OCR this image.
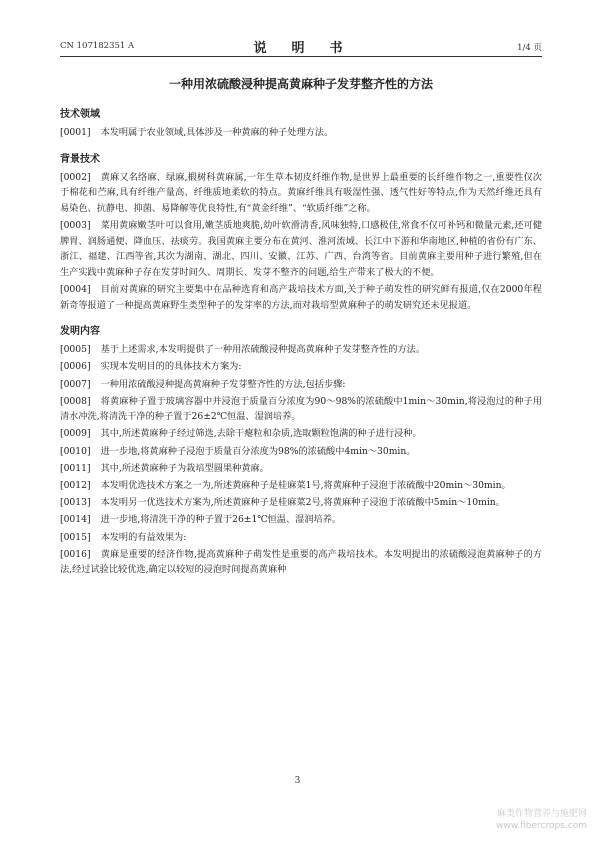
CN 107182351 A	说　明　书	1/4 页
一种用浓硫酸浸种提高黄麻种子发芽整齐性的方法
技术领域
[0001] 本发明属于农业领域,具体涉及一种黄麻的种子处理方法。
背景技术
[0002] 黄麻又名络麻、绿麻,椴树科黄麻属,一年生草本韧皮纤维作物,是世界上最重要的长纤维作物之一,重要性仅次于棉花和苎麻,具有纤维产量高、纤维质地柔软的特点。黄麻纤维具有吸湿性强、透气性好等特点,作为天然纤维还具有易染色、抗静电、抑菌、易降解等优良特性,有“黄金纤维”、“软质纤维”之称。
[0003] 菜用黄麻嫩茎叶可以食用,嫩茎质地爽脆,幼叶软滑清香,风味独特,口感极佳,常食不仅可补钙和微量元素,还可健脾胃、润肠通便、降血压、祛痰劳。我国黄麻主要分布在黄河、淮河流域、长江中下游和华南地区,种植的省份有广东、浙江、福建、江西等省,其次为湖南、湖北、四川、安徽、江苏、广西、台湾等省。目前黄麻主要用种子进行繁殖,但在生产实践中黄麻种子存在发芽时间久、周期长、发芽不整齐的问题,给生产带来了极大的不便。
[0004] 目前对黄麻的研究主要集中在品种选育和高产栽培技术方面,关于种子萌发性的研究鲜有报道,仅在2000年程新奇等报道了一种提高黄麻野生类型种子的发芽率的方法,而对栽培型黄麻种子的萌发研究还未见报道。
发明内容
[0005] 基于上述需求,本发明提供了一种用浓硫酸浸种提高黄麻种子发芽整齐性的方法。
[0006] 实现本发明目的的具体技术方案为:
[0007] 一种用浓硫酸浸种提高黄麻种子发芽整齐性的方法,包括步骤:
[0008] 将黄麻种子置于玻璃容器中并浸泡于质量百分浓度为90～98%的浓硫酸中1min～30min,将浸泡过的种子用清水冲洗,将清洗干净的种子置于26±2℃恒温、湿润培养。
[0009] 其中,所述黄麻种子经过筛选,去除干瘪粒和杂质,选取颗粒饱满的种子进行浸种。
[0010] 进一步地,将黄麻种子浸泡于质量百分浓度为98%的浓硫酸中4min～30min。
[0011] 其中,所述黄麻种子为栽培型圆果种黄麻。
[0012] 本发明优选技术方案之一为,所述黄麻种子是桂麻菜1号,将黄麻种子浸泡于浓硫酸中20min～30min。
[0013] 本发明另一优选技术方案为,所述黄麻种子是桂麻菜2号,将黄麻种子浸泡于浓硫酸中5min～10min。
[0014] 进一步地,将清洗干净的种子置于26±1℃恒温、湿润培养。
[0015] 本发明的有益效果为:
[0016] 黄麻是重要的经济作物,提高黄麻种子萌发性是重要的高产栽培技术。本发明提出的浓硫酸浸泡黄麻种子的方法,经过试验比较优选,确定以较短的浸泡时间提高黄麻种
3
麻类作物营养与施肥网
www.fibercrops.com
